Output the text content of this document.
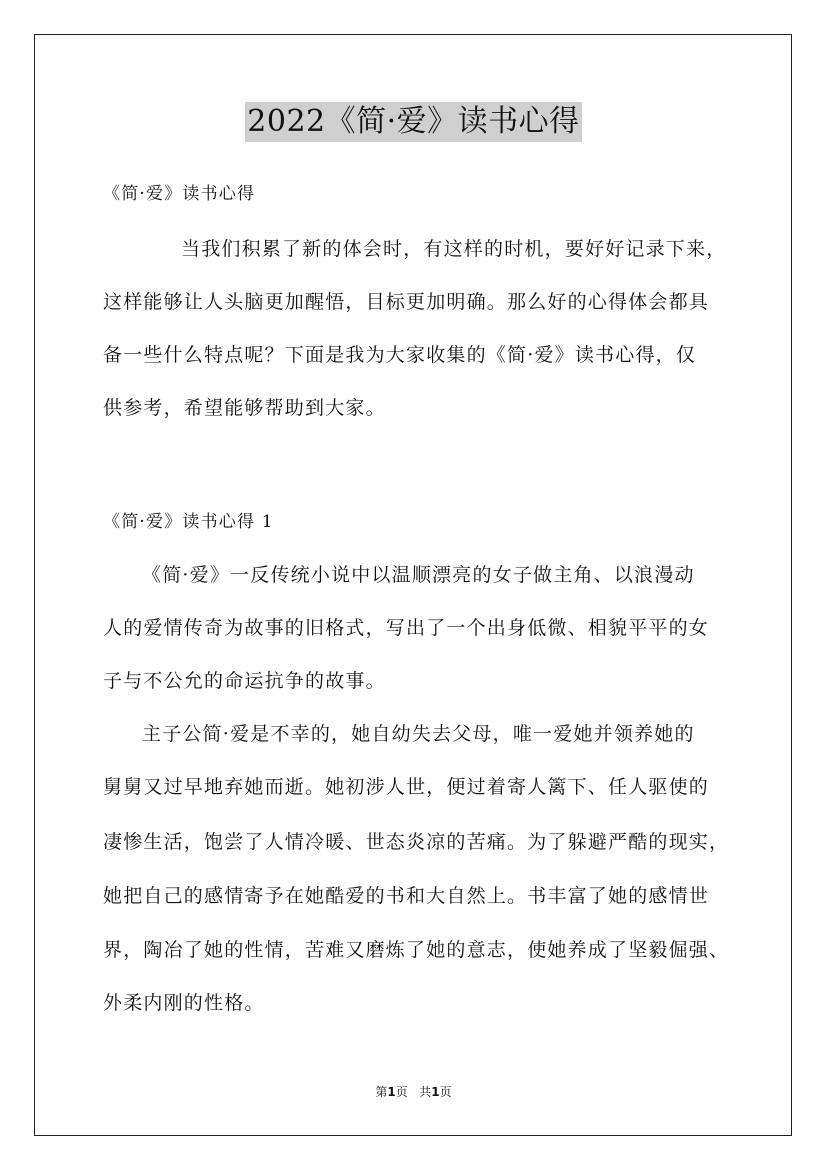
2022《简·爱》读书心得
《简·爱》读书心得
当我们积累了新的体会时，有这样的时机，要好好记录下来，
这样能够让人头脑更加醒悟，目标更加明确。那么好的心得体会都具
备一些什么特点呢？下面是我为大家收集的《简·爱》读书心得，仅
供参考，希望能够帮助到大家。
《简·爱》读书心得 1
《简·爱》一反传统小说中以温顺漂亮的女子做主角、以浪漫动
人的爱情传奇为故事的旧格式，写出了一个出身低微、相貌平平的女
子与不公允的命运抗争的故事。
主子公简·爱是不幸的，她自幼失去父母，唯一爱她并领养她的
舅舅又过早地弃她而逝。她初涉人世，便过着寄人篱下、任人驱使的
凄惨生活，饱尝了人情冷暖、世态炎凉的苦痛。为了躲避严酷的现实，
她把自己的感情寄予在她酷爱的书和大自然上。书丰富了她的感情世
界，陶冶了她的性情，苦难又磨炼了她的意志，使她养成了坚毅倔强、
外柔内刚的性格。
第1页 共1页
